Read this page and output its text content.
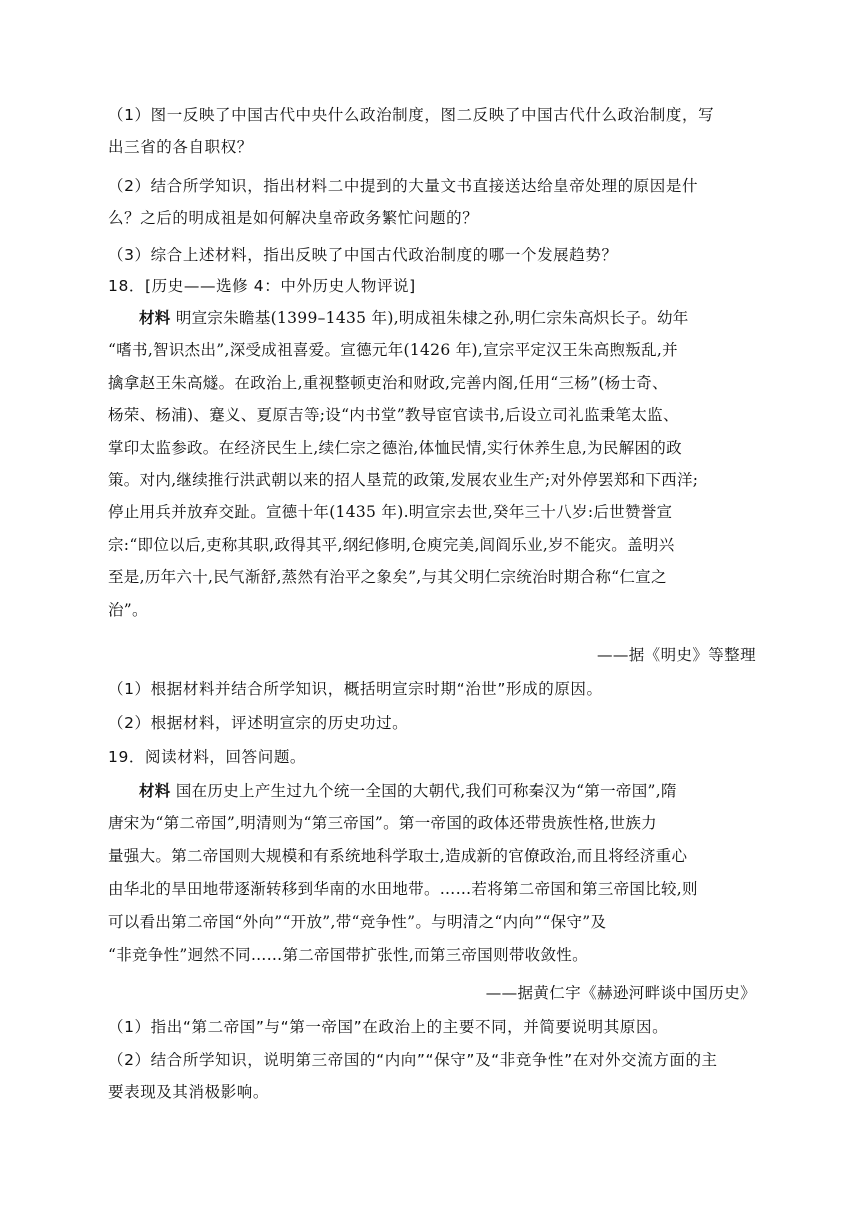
（1）图一反映了中国古代中央什么政治制度，图二反映了中国古代什么政治制度，写
出三省的各自职权？
（2）结合所学知识，指出材料二中提到的大量文书直接送达给皇帝处理的原因是什
么？之后的明成祖是如何解决皇帝政务繁忙问题的？
（3）综合上述材料，指出反映了中国古代政治制度的哪一个发展趋势？
18．[历史——选修 4：中外历史人物评说]
材料 明宣宗朱瞻基(1399–1435 年),明成祖朱棣之孙,明仁宗朱高炽长子。幼年
“嗜书,智识杰出”,深受成祖喜爱。宣德元年(1426 年),宣宗平定汉王朱高煦叛乱,并
擒拿赵王朱高燧。在政治上,重视整顿吏治和财政,完善内阁,任用“三杨”(杨士奇、
杨荣、杨浦)、蹇义、夏原吉等;设“内书堂”教导宦官读书,后设立司礼监秉笔太监、
掌印太监参政。在经济民生上,续仁宗之德治,体恤民情,实行休养生息,为民解困的政
策。对内,继续推行洪武朝以来的招人垦荒的政策,发展农业生产;对外停罢郑和下西洋;
停止用兵并放弃交趾。宣德十年(1435 年).明宣宗去世,癸年三十八岁:后世赞誉宣
宗:“即位以后,吏称其职,政得其平,纲纪修明,仓庾完美,闾阎乐业,岁不能灾。盖明兴
至是,历年六十,民气渐舒,蒸然有治平之象矣”,与其父明仁宗统治时期合称“仁宣之
治”。
——据《明史》等整理
（1）根据材料并结合所学知识，概括明宣宗时期“治世”形成的原因。
（2）根据材料，评述明宣宗的历史功过。
19．阅读材料，回答问题。
材料 国在历史上产生过九个统一全国的大朝代,我们可称秦汉为“第一帝国”,隋
唐宋为“第二帝国”,明清则为“第三帝国”。第一帝国的政体还带贵族性格,世族力
量强大。第二帝国则大规模和有系统地科学取士,造成新的官僚政治,而且将经济重心
由华北的旱田地带逐渐转移到华南的水田地带。……若将第二帝国和第三帝国比较,则
可以看出第二帝国“外向”“开放”,带“竞争性”。与明清之“内向”“保守”及
“非竞争性”迥然不同……第二帝国带扩张性,而第三帝国则带收敛性。
——据黄仁宇《赫逊河畔谈中国历史》
（1）指出“第二帝国”与“第一帝国”在政治上的主要不同，并简要说明其原因。
（2）结合所学知识，说明第三帝国的“内向”“保守”及“非竞争性”在对外交流方面的主
要表现及其消极影响。
